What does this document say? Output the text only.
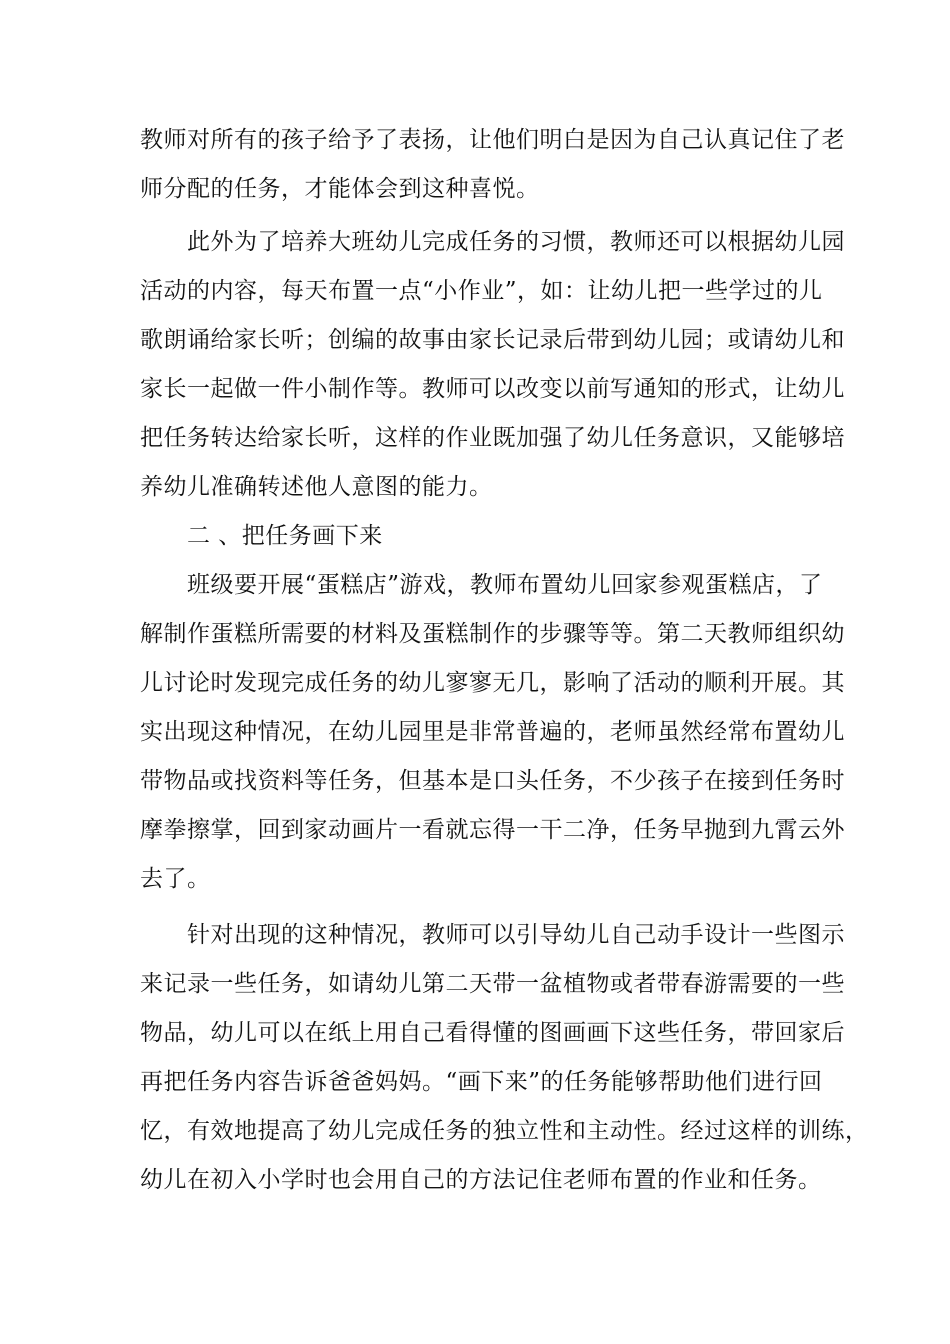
教师对所有的孩子给予了表扬，让他们明白是因为自己认真记住了老
师分配的任务，才能体会到这种喜悦。
此外为了培养大班幼儿完成任务的习惯，教师还可以根据幼儿园
活动的内容，每天布置一点“小作业”，如：让幼儿把一些学过的儿
歌朗诵给家长听；创编的故事由家长记录后带到幼儿园；或请幼儿和
家长一起做一件小制作等。教师可以改变以前写通知的形式，让幼儿
把任务转达给家长听，这样的作业既加强了幼儿任务意识，又能够培
养幼儿准确转述他人意图的能力。
二 、把任务画下来
班级要开展“蛋糕店”游戏，教师布置幼儿回家参观蛋糕店，了
解制作蛋糕所需要的材料及蛋糕制作的步骤等等。第二天教师组织幼
儿讨论时发现完成任务的幼儿寥寥无几，影响了活动的顺利开展。其
实出现这种情况，在幼儿园里是非常普遍的，老师虽然经常布置幼儿
带物品或找资料等任务，但基本是口头任务，不少孩子在接到任务时
摩拳擦掌，回到家动画片一看就忘得一干二净，任务早抛到九霄云外
去了。
针对出现的这种情况，教师可以引导幼儿自己动手设计一些图示
来记录一些任务，如请幼儿第二天带一盆植物或者带春游需要的一些
物品，幼儿可以在纸上用自己看得懂的图画画下这些任务，带回家后
再把任务内容告诉爸爸妈妈。“画下来”的任务能够帮助他们进行回
忆，有效地提高了幼儿完成任务的独立性和主动性。经过这样的训练，
幼儿在初入小学时也会用自己的方法记住老师布置的作业和任务。
